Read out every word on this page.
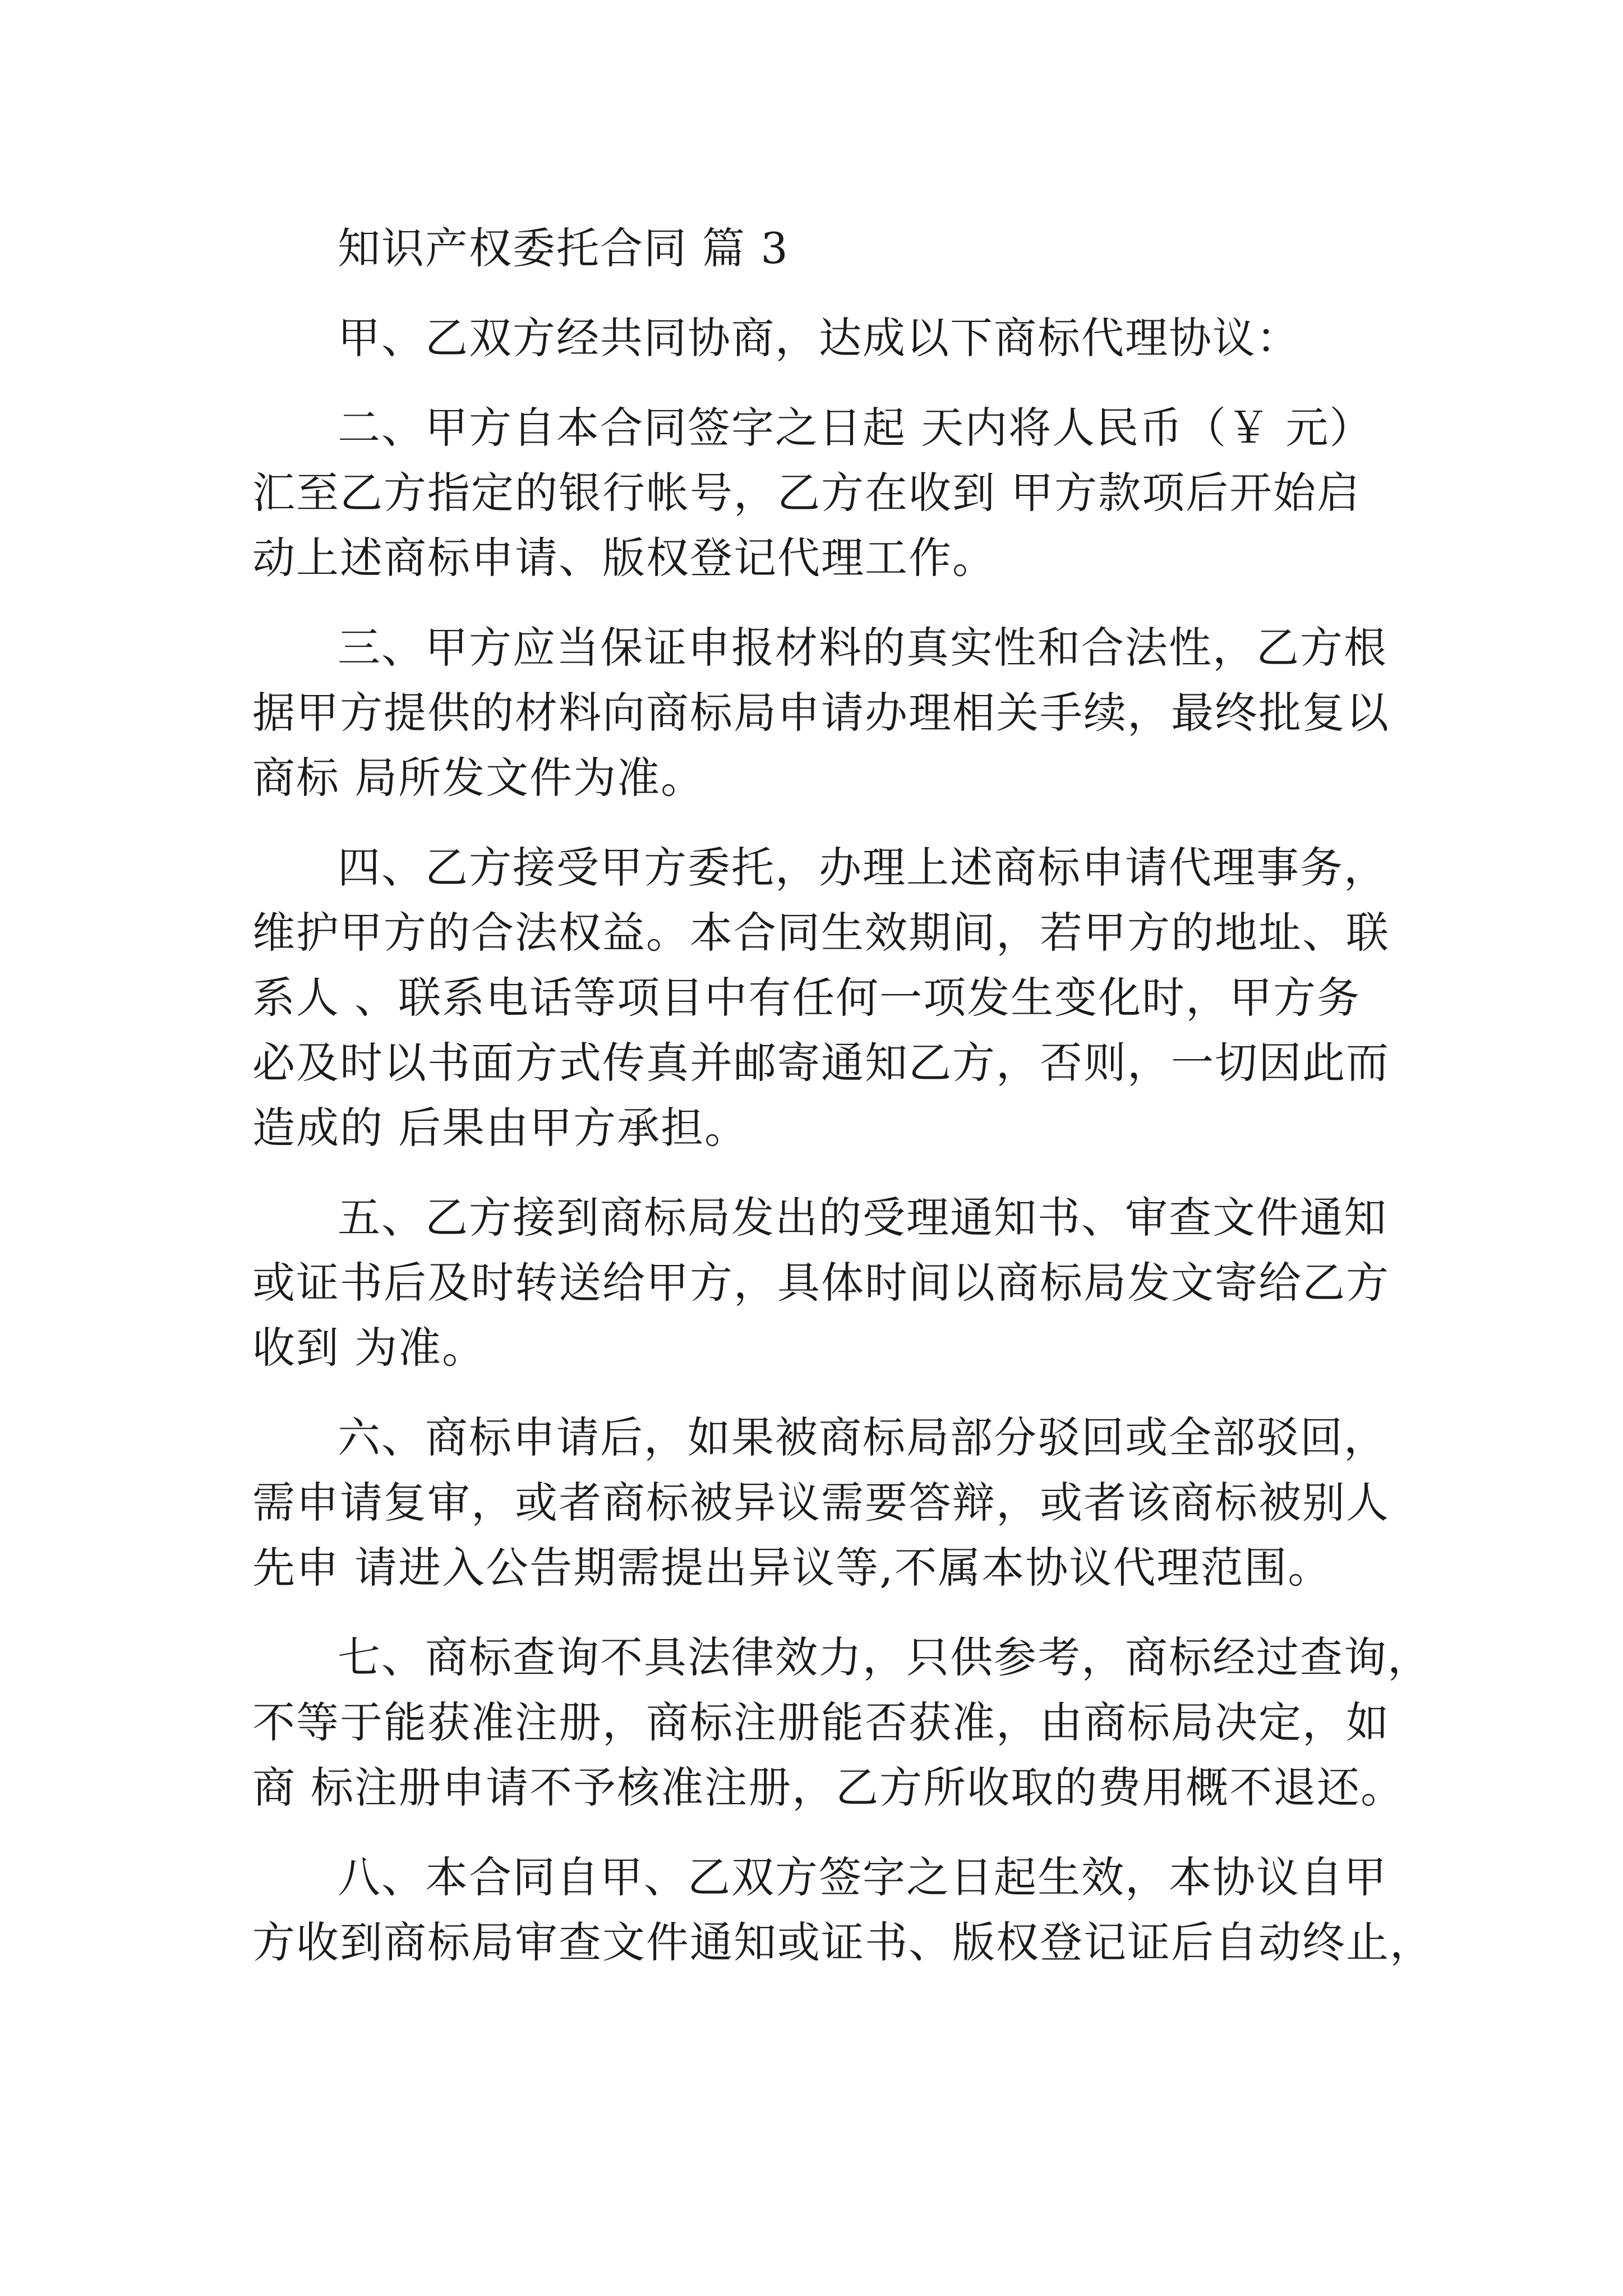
知识产权委托合同 篇 3

甲、乙双方经共同协商，达成以下商标代理协议：

二、甲方自本合同签字之日起 天内将人民币（￥ 元）

汇至乙方指定的银行帐号，乙方在收到 甲方款项后开始启

动上述商标申请、版权登记代理工作。

三、甲方应当保证申报材料的真实性和合法性，乙方根

据甲方提供的材料向商标局申请办理相关手续，最终批复以

商标 局所发文件为准。

四、乙方接受甲方委托，办理上述商标申请代理事务，

维护甲方的合法权益。本合同生效期间，若甲方的地址、联

系人 、联系电话等项目中有任何一项发生变化时，甲方务

必及时以书面方式传真并邮寄通知乙方，否则，一切因此而

造成的 后果由甲方承担。

五、乙方接到商标局发出的受理通知书、审查文件通知

或证书后及时转送给甲方，具体时间以商标局发文寄给乙方

收到 为准。

六、商标申请后，如果被商标局部分驳回或全部驳回，

需申请复审，或者商标被异议需要答辩，或者该商标被别人

先申 请进入公告期需提出异议等,不属本协议代理范围。

七、商标查询不具法律效力，只供参考，商标经过查询，

不等于能获准注册，商标注册能否获准，由商标局决定，如

商 标注册申请不予核准注册，乙方所收取的费用概不退还。

八、本合同自甲、乙双方签字之日起生效，本协议自甲

方收到商标局审查文件通知或证书、版权登记证后自动终止，
